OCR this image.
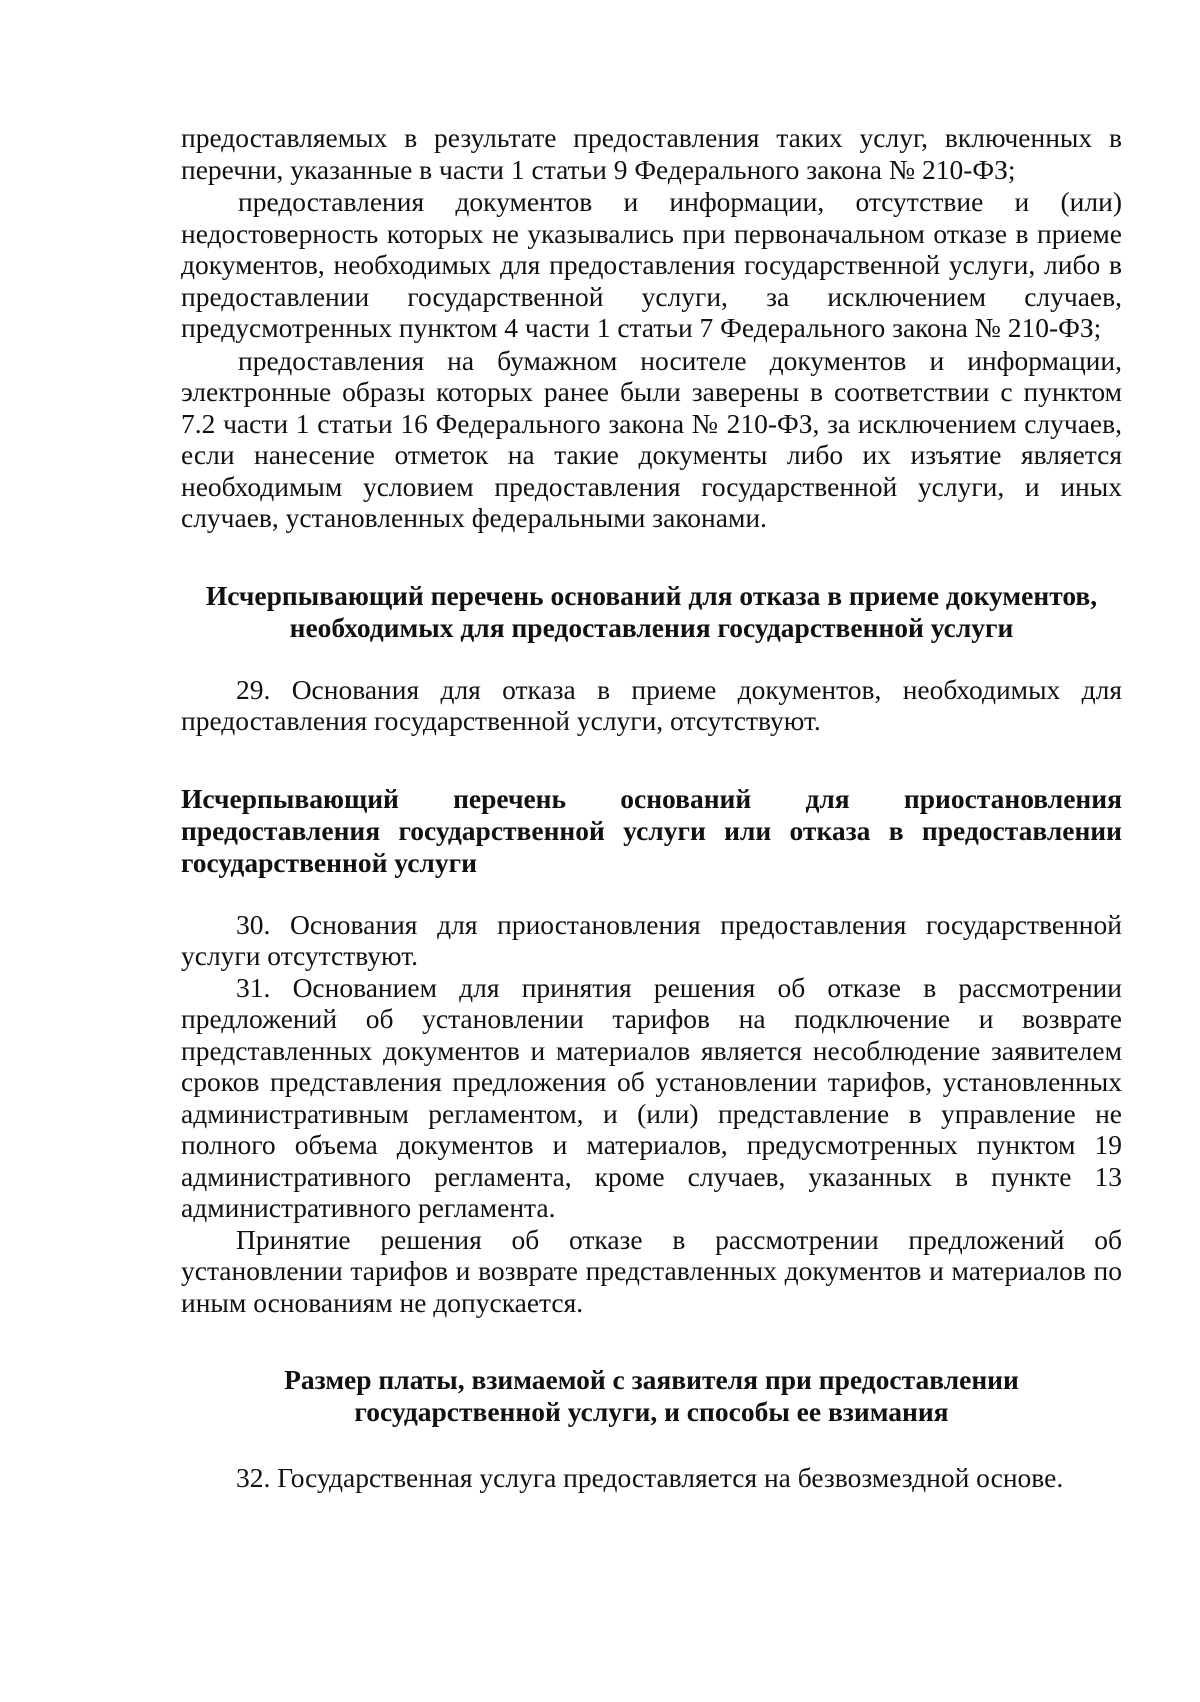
предоставляемых в результате предоставления таких услуг, включенных в перечни, указанные в части 1 статьи 9 Федерального закона № 210-ФЗ;

предоставления документов и информации, отсутствие и (или) недостоверность которых не указывались при первоначальном отказе в приеме документов, необходимых для предоставления государственной услуги, либо в предоставлении государственной услуги, за исключением случаев, предусмотренных пунктом 4 части 1 статьи 7 Федерального закона № 210-ФЗ;

предоставления на бумажном носителе документов и информации, электронные образы которых ранее были заверены в соответствии с пунктом 7.2 части 1 статьи 16 Федерального закона № 210-ФЗ, за исключением случаев, если нанесение отметок на такие документы либо их изъятие является необходимым условием предоставления государственной услуги, и иных случаев, установленных федеральными законами.

Исчерпывающий перечень оснований для отказа в приеме документов, необходимых для предоставления государственной услуги

29. Основания для отказа в приеме документов, необходимых для предоставления государственной услуги, отсутствуют.

Исчерпывающий перечень оснований для приостановления предоставления государственной услуги или отказа в предоставлении государственной услуги

30. Основания для приостановления предоставления государственной услуги отсутствуют.

31. Основанием для принятия решения об отказе в рассмотрении предложений об установлении тарифов на подключение и возврате представленных документов и материалов является несоблюдение заявителем сроков представления предложения об установлении тарифов, установленных административным регламентом, и (или) представление в управление не полного объема документов и материалов, предусмотренных пунктом 19 административного регламента, кроме случаев, указанных в пункте 13 административного регламента.

Принятие решения об отказе в рассмотрении предложений об установлении тарифов и возврате представленных документов и материалов по иным основаниям не допускается.

Размер платы, взимаемой с заявителя при предоставлении государственной услуги, и способы ее взимания

32. Государственная услуга предоставляется на безвозмездной основе.
